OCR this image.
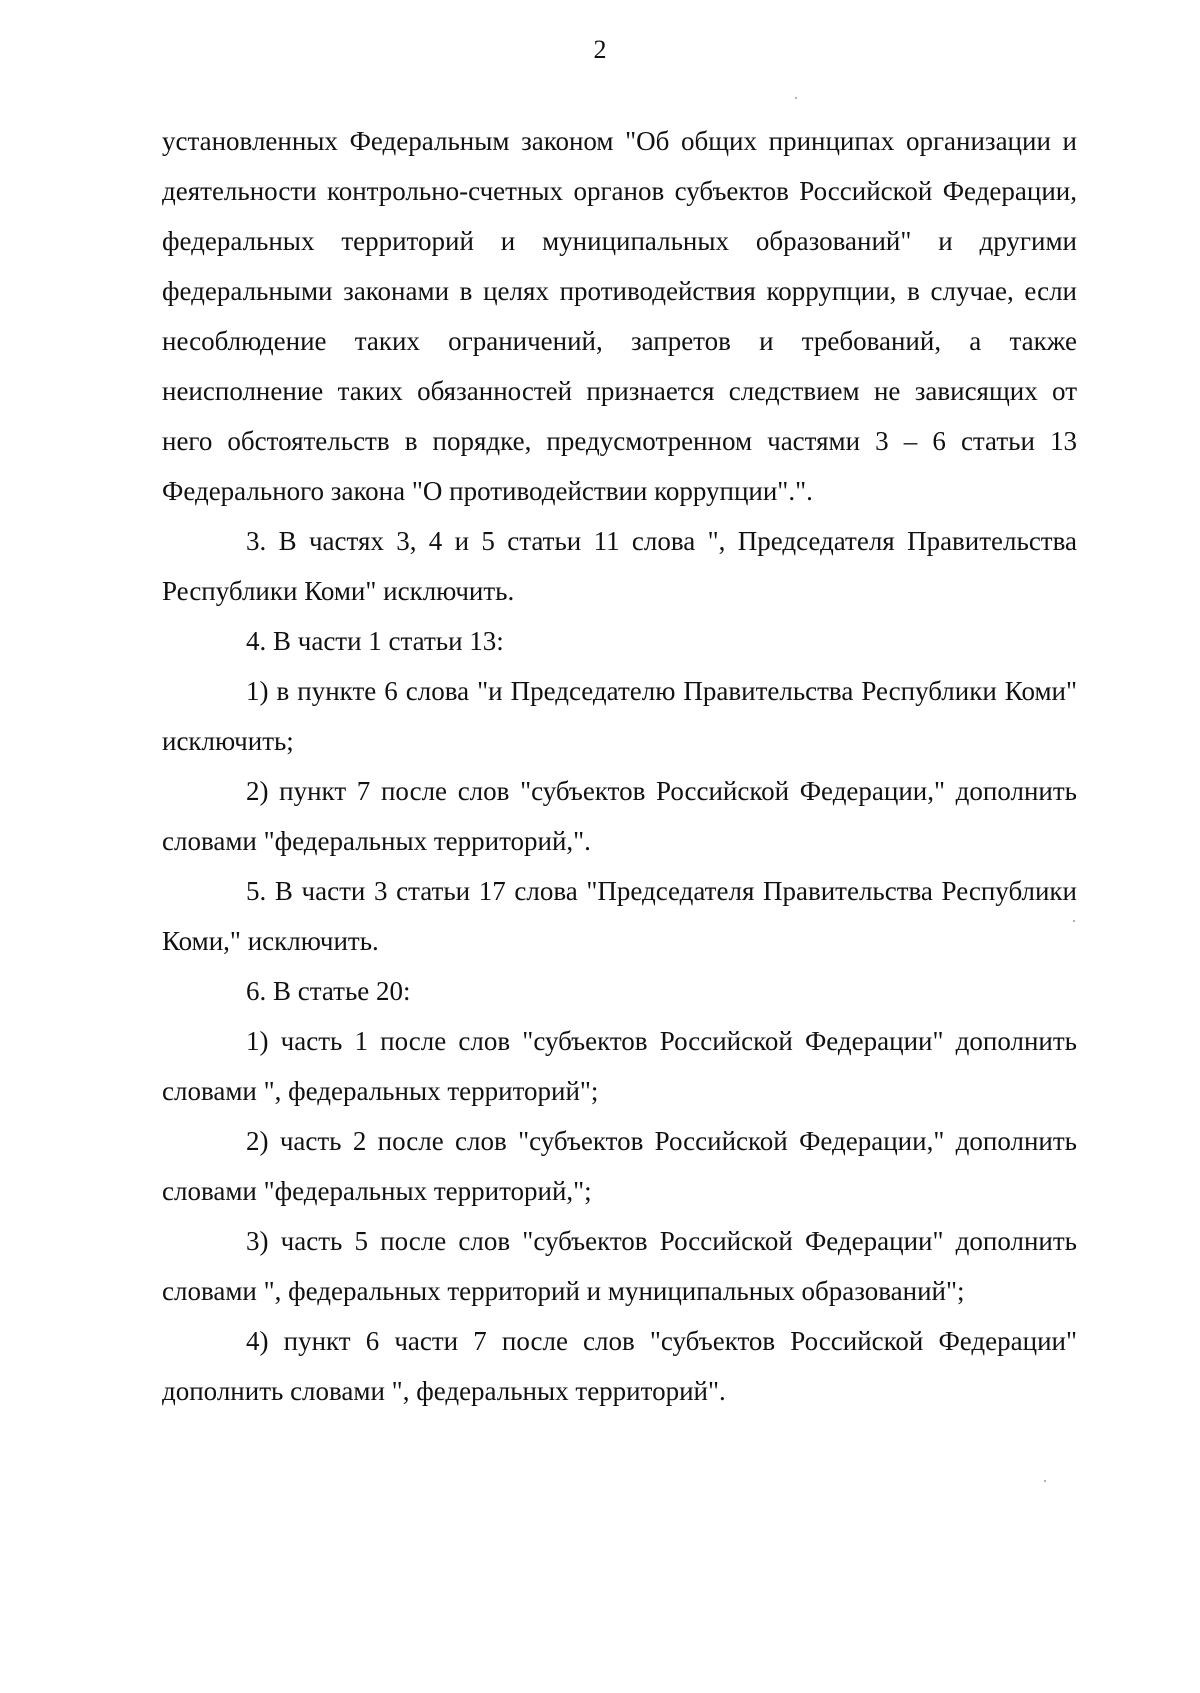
2

установленных Федеральным законом "Об общих принципах организации и деятельности контрольно-счетных органов субъектов Российской Федерации, федеральных территорий и муниципальных образований" и другими федеральными законами в целях противодействия коррупции, в случае, если несоблюдение таких ограничений, запретов и требований, а также неисполнение таких обязанностей признается следствием не зависящих от него обстоятельств в порядке, предусмотренном частями 3 – 6 статьи 13 Федерального закона "О противодействии коррупции".".

3. В частях 3, 4 и 5 статьи 11 слова ", Председателя Правительства Республики Коми" исключить.

4. В части 1 статьи 13:

1) в пункте 6 слова "и Председателю Правительства Республики Коми" исключить;

2) пункт 7 после слов "субъектов Российской Федерации," дополнить словами "федеральных территорий,".

5. В части 3 статьи 17 слова "Председателя Правительства Республики Коми," исключить.

6. В статье 20:

1) часть 1 после слов "субъектов Российской Федерации" дополнить словами ", федеральных территорий";

2) часть 2 после слов "субъектов Российской Федерации," дополнить словами "федеральных территорий,";

3) часть 5 после слов "субъектов Российской Федерации" дополнить словами ", федеральных территорий и муниципальных образований";

4) пункт 6 части 7 после слов "субъектов Российской Федерации" дополнить словами ", федеральных территорий".
